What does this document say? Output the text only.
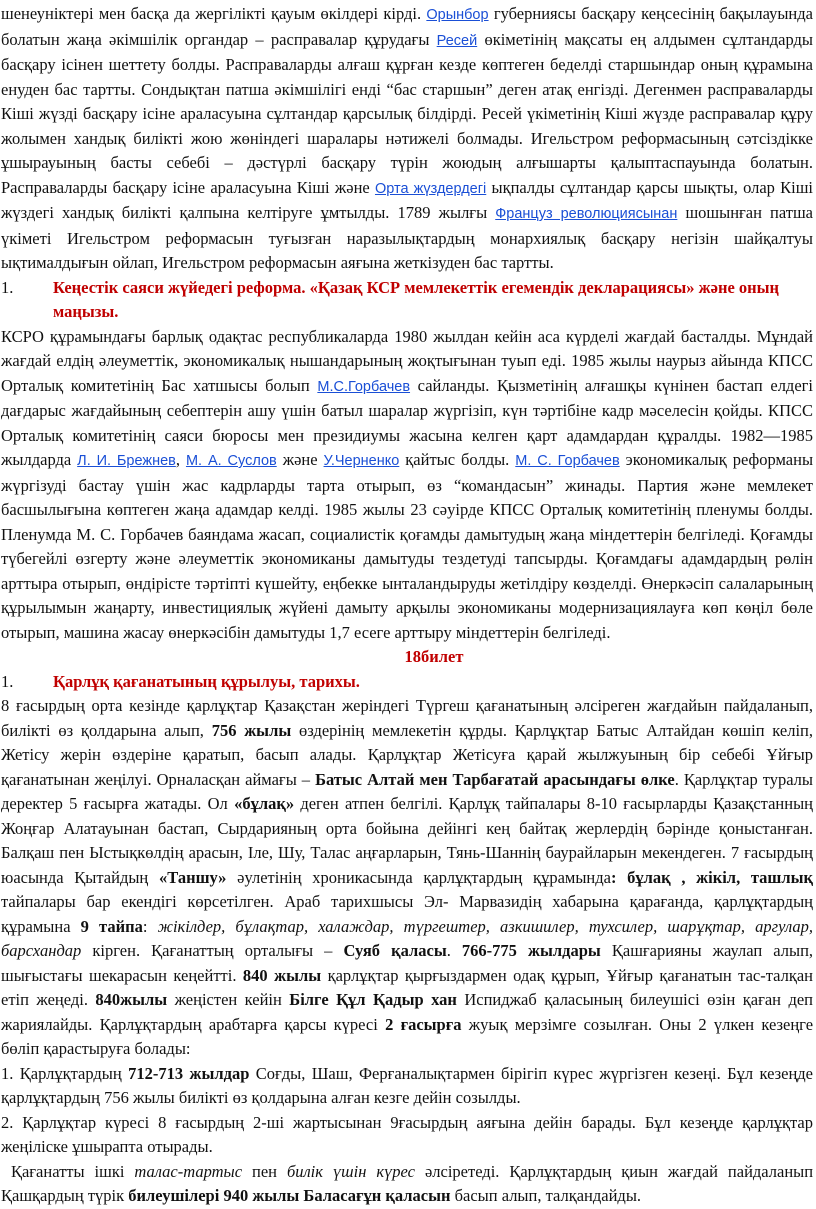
шенеуніктері мен басқа да жергілікті қауым өкілдері кірді. Орынбор губерниясы басқару кеңсесінің бақылауында болатын жаңа әкімшілік органдар – расправалар құрудағы Ресей өкіметінің мақсаты ең алдымен сұлтандарды басқару ісінен шеттету болды. Расправаларды алғаш құрған кезде көптеген беделді старшындар оның құрамына енуден бас тартты. Сондықтан патша әкімшілігі енді “бас старшын” деген атақ енгізді. Дегенмен расправаларды Кіші жүзді басқару ісіне араласуына сұлтандар қарсылық білдірді. Ресей үкіметінің Кіші жүзде расправалар құру жолымен хандық билікті жою жөніндегі шаралары нәтижелі болмады. Игельстром реформасының сәтсіздікке ұшырауының басты себебі – дәстүрлі басқару түрін жоюдың алғышарты қалыптаспауында болатын. Расправаларды басқару ісіне араласуына Кіші және Орта жүздердегі ықпалды сұлтандар қарсы шықты, олар Кіші жүздегі хандық билікті қалпына келтіруге ұмтылды. 1789 жылғы Француз революциясынан шошынған патша үкіметі Игельстром реформасын туғызған наразылықтардың монархиялық басқару негізін шайқалтуы ықтималдығын ойлап, Игельстром реформасын аяғына жеткізуден бас тартты.

1.	Кеңестік саяси жүйедегі реформа. «Қазақ КСР мемлекеттік егемендік декларациясы» және оның маңызы.

КСРО құрамындағы барлық одақтас республикаларда 1980 жылдан кейін аса күрделі жағдай басталды. Мұндай жағдай елдің әлеуметтік, экономикалық нышандарының жоқтығынан туып еді. 1985 жылы наурыз айында КПСС Орталық комитетінің Бас хатшысы болып М.С.Горбачев сайланды. Қызметінің алғашқы күнінен бастап елдегі дағдарыс жағдайының себептерін ашу үшін батыл шаралар жүргізіп, күн тәртібіне кадр мәселесін қойды. КПСС Орталық комитетінің саяси бюросы мен президиумы жасына келген қарт адамдардан құралды. 1982—1985 жылдарда Л. И. Брежнев, М. А. Суслов және У.Черненко қайтыс болды. М. С. Горбачев экономикалық реформаны жүргізуді бастау үшін жас кадрларды тарта отырып, өз “командасын” жинады. Партия және мемлекет басшылығына көптеген жаңа адамдар келді. 1985 жылы 23 сәуірде КПСС Орталық комитетінің пленумы болды. Пленумда М. С. Горбачев баяндама жасап, социалистік қоғамды дамытудың жаңа міндеттерін белгіледі. Қоғамды түбегейлі өзгерту және әлеуметтік экономиканы дамытуды тездетуді тапсырды. Қоғамдағы адамдардың рөлін арттыра отырып, өндірісте тәртіпті күшейту, еңбекке ынталандыруды жетілдіру көзделді. Өнеркәсіп салаларының құрылымын жаңарту, инвестициялық жүйені дамыту арқылы экономиканы модернизациялауға көп көңіл бөле отырып, машина жасау өнеркәсібін дамытуды 1,7 есеге арттыру міндеттерін белгіледі.

18билет
1.	Қарлұқ қағанатының құрылуы, тарихы.

8 ғасырдың орта кезінде қарлұқтар Қазақстан жеріндегі Түргеш қағанатының әлсіреген жағдайын пайдаланып, билікті өз қолдарына алып, 756 жылы өздерінің мемлекетін құрды. Қарлұқтар Батыс Алтайдан көшіп келіп, Жетісу жерін өздеріне қаратып, басып алады. Қарлұқтар Жетісуға қарай жылжуының бір себебі Ұйғыр қағанатынан жеңілуі. Орналасқан аймағы – Батыс Алтай мен Тарбағатай арасындағы өлке. Қарлұқтар туралы деректер 5 ғасырға жатады. Ол «бұлақ» деген атпен белгілі. Қарлұқ тайпалары 8-10 ғасырларды Қазақстанның Жоңғар Алатауынан бастап, Сырдарияның орта бойына дейінгі кең байтақ жерлердің бәрінде қоныстанған. Балқаш пен Ыстықкөлдің арасын, Іле, Шу, Талас аңғарларын, Тянь-Шаннің баурайларын мекендеген. 7 ғасырдың юасында Қытайдың «Таншу» әулетінің хроникасында қарлұқтардың құрамында: бұлақ , жікіл, ташлық тайпалары бар екендігі көрсетілген. Араб тарихшысы Эл- Марвазидің хабарына қарағанда, қарлұқтардың құрамына 9 тайпа: жікілдер, бұлақтар, халаждар, түргештер, азкишилер, тухсилер, шарұқтар, аргулар, барсхандар кірген. Қағанаттың орталығы – Суяб қаласы. 766-775 жылдары Қашғарияны жаулап алып, шығыстағы шекарасын кеңейтті. 840 жылы қарлұқтар қырғыздармен одақ құрып, Ұйғыр қағанатын тас-талқан етіп жеңеді. 840жылы жеңістен кейін Білге Құл Қадыр хан Испиджаб қаласының билеушісі өзін қаған деп жариялайды. Қарлұқтардың арабтарға қарсы күресі 2 ғасырға жуық мерзімге созылған. Оны 2 үлкен кезеңге бөліп қарастыруға болады:

1. Қарлұқтардың 712-713 жылдар Соғды, Шаш, Ферғаналықтармен бірігіп күрес жүргізген кезеңі. Бұл кезеңде қарлұқтардың 756 жылы билікті өз қолдарына алған кезге дейін созылды.

2. Қарлұқтар күресі 8 ғасырдың 2-ші жартысынан 9ғасырдың аяғына дейін барады. Бұл кезеңде қарлұқтар жеңіліске ұшырапта отырады.

Қағанатты ішкі талас-тартыс пен билік үшін күрес әлсіретеді. Қарлұқтардың қиын жағдай пайдаланып Қашқардың түрік билеушілері 940 жылы Баласағұн қаласын басып алып, талқандайды.
